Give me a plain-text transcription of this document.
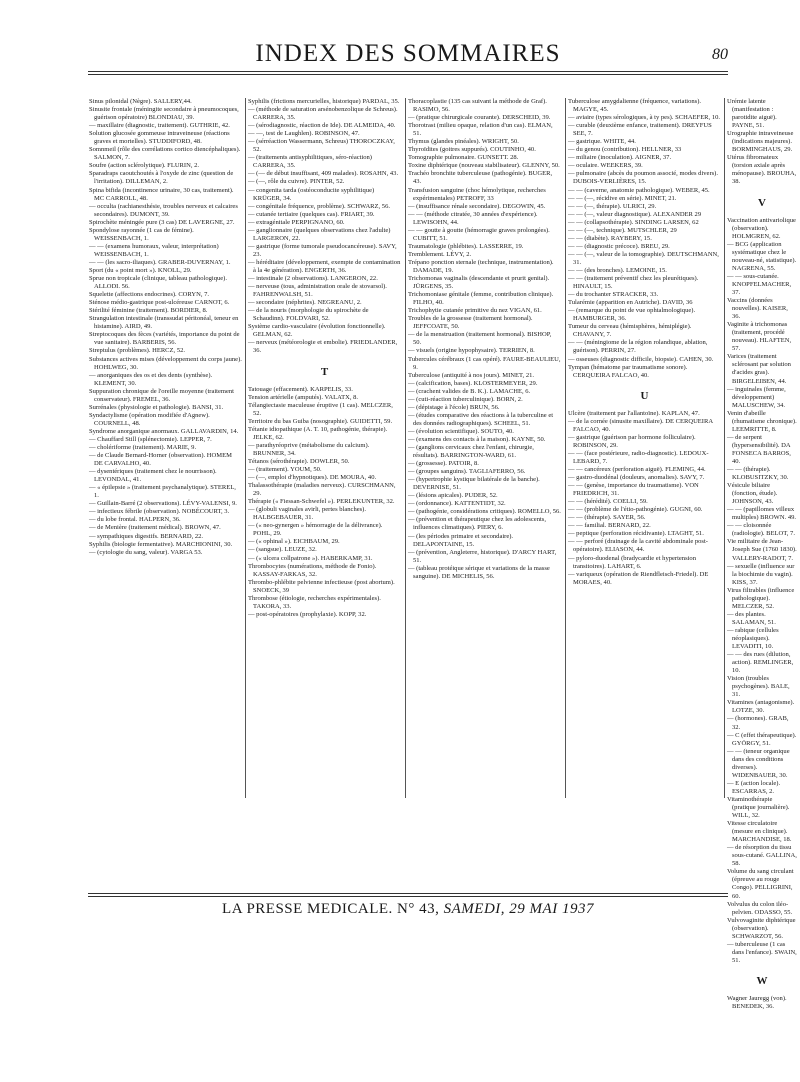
INDEX DES SOMMAIRES	80

Sinus pilonidal (Nègre). SALLERY,44.

Sinusite frontale (méningite secondaire à pneumocoques, guérison opératoire) BLONDIAU, 39.

— maxillaire (diagnostic, traitement). GUTHRIE, 42.

Solution glucosée gommeuse intraveineuse (réactions graves et mortelles). STUDDIFORD, 48.

Somnmeil (rôle des corrélations cortico diencéphaliques). SALMON, 7.

Soufre (action sclérolytique). FLURIN, 2.

Sparadraps caoutchoutés à l'oxyde de zinc (question de l'irritation). DILLEMAN, 2.

Spina bifida (incontinence urinaire, 30 cas, traitement). MC CARROLL, 48.

— occulta (rachianesthésie, troubles nerveux et calcaires secondaires). DUMONT, 39.

Spirochète méningée pure (3 cas) DE LAVERGNE, 27.

Spondylose rayonnée (1 cas de fémine). WEISSENBACH, 1.

— — (examens humoraux, valeur, interprétation) WEISSENBACH, 1.

— — (les sacro-iliaques). GRABER-DUVERNAY, 1.

Sport (du « point mort »). KNOLL, 29.

Sprue non tropicale (clinique, tableau pathologique). ALLODI. 56.

Squelette (affections endocrines). CORYN, 7.

Sténose médio-gastrique post-ulcéreuse CARNOT, 6.

Stérilité féminine (traitement). BORDIER, 8.

Strangulation intestinale (transsudat péritonéal, teneur en histamine). AIRD, 49.

Streptocoques des fèces (variétés, importance du point de vue sanitaire). BARBERIS, 56.

Streptulus (problèmes). HERCZ, 52.

Substances actives mises (développement du corps jaune). HOHLWEG, 30.

— anorganiques des os et des dents (synthèse). KLEMENT, 30.

Suppuration chronique de l'oreille moyenne (traitement conservateur). FREMEL, 36.

Surrénales (physiologie et pathologie). BANSI, 31.

Syndactylisme (opération modifiée d'Agnew). COURNELL, 48.

Syndrome anorganique anormaux. GALLAVARDIN, 14.

— Chauffard Still (splénectomie). LEPPER, 7.

— cholériforme (traitement). MARIE, 9.

— de Claude Bernard-Horner (observation). HOMEM DE CARVALHO, 40.

— dysentériques (traitement chez le nourrisson). LEVONDAL, 41.

— « épilepsie » (traitement psychanalytique). STEREL, 1.

— Guillain-Barré (2 observations). LÉVY-VALENSI, 9.

— infectieux fébrile (observation). NOBÉCOURT, 3.

— du lobe frontal. HALPERN, 36.

— de Menière (traitement médical). BROWN, 47.

— sympathiques digestifs. BERNARD, 22.

Syphilis (biologie fermentative). MARCHIONINI, 30.

— (cytologie du sang, valeur). VARGA 53.

Syphilis (frictions mercurielles, historique) PARDAL, 35.

— (méthode de saturation arsénobenzolique de Schreus). CARRERA, 35.

— (sérodiagnostic, réaction de Ide). DE ALMEIDA, 40.

— —, test de Laughlen). ROBINSON, 47.

— (sérréaction Wassermann, Schreus) THOROCZKAY, 52.

— (traitements antisyphilitiques, séro-réaction) CARRERA, 35.

— (— de début insuffisant, 409 malades). ROSAHN, 43.

— (—, rôle du cuivre). PINTER, 52.

— congenita tarda (ostéoconducite syphilitique) KRÜGER, 34.

— congénitale fréquence, problème). SCHWARZ, 56.

— cutanée tertiaire (quelques cas). FRIART, 39.

— extragénitale PERPIGNANO, 60.

— ganglionnaire (quelques observations chez l'adulte) LARGERON, 22.

— gastrique (forme tumorale pseudocancéreuse). SAVY, 23.

— héréditaire (développement, exempte de contamination à la 4e génération). ENGERTH, 36.

— intestinale (2 observations). LANGERON, 22.

— nerveuse (tous, administration orale de stovarsol). FAHRENWALSH, 51.

— secondaire (néphrites). NEGREANU, 2.

— de la nouris (morphologie du spirochète de Schaudinn). FOLDVARI, 52.

Système cardio-vasculaire (évolution fonctionnelle). GELMAN, 62.

— nerveux (météorologie et embolie). FRIEDLANDER, 36.

T

Tatouage (effacement). KARPELIS, 33.

Tension artérielle (amputés). VALATX, 8.

Télangiectasie maculeuse éruptive (1 cas). MELCZER, 52.

Territoire du bas Guiba (nosographie). GUIDETTI, 59.

Tétanie idiopathique (A. T. 10, pathogénie, thérapie). JELKE, 62.

— parathyréoprive (métabolisme du calcium). BRUNNER, 34.

Tétanos (sérothérapie). DOWLER, 50.

— (traitement). YOUM, 50.

— (—, emploi d'hypnotiques). DE MOURA, 40.

Thalassothérapie (maladies nerveux). CURSCHMANN, 29.

Thérapie (« Fiessan-Schwefel »). PERLEKUNTER, 32.

— (globuli vaginales avirli, pertes blanches). HALBGEBAUER, 31.

— (« neo-gynergen » hémorragie de la délivrance). POHL, 29.

— (« ophinal »). EICHBAUM, 29.

— (sangsue). LEUZE, 32.

— (« ulcera collpatrone »). HABERKAMP, 31.

Thrombocytes (numérations, méthode de Fonio). KASSAY-FARKAS, 32.

Thrombo-phlébite pelvienne infectieuse (post abortum). SNOECK, 39

Thrombose (étiologie, recherches expérimentales). TAKORA, 33.

— post-opératoires (prophylaxie). KOPP, 32.

Thoracoplastie (135 cas suivant la méthode de Graf). RASIMO, 56.

— (pratique chirurgicale courante). DERSCHEID, 39.

Thorotrast (milieu opaque, relation d'un cas). ELMAN, 51.

Thymus (glandes pinéales). WRIGHT, 50.

Thyroïdites (goitres suppurés). COUTINHO, 40.

Tomographie pulmonaire. GUNSETT. 28.

Toxine diphtérique (nouveau stabilisateur). GLENNY, 50.

Trachéo bronchite tuberculeuse (pathogénie). BUGER, 43.

Transfusion sanguine (choc hémolytique, recherches expérimentales) PETROFF, 33

— (insuffisance rénale secondaire). DEGOWIN, 45.

— — (méthode citratée, 30 années d'expérience). LEWISOHN, 44.

— — goutte à goutte (hémorragie graves prolongées). CUBITT, 51.

Traumatologie (phlébites). LASSERRE, 19.

Tremblement. LÉVY, 2.

Trépano ponction sternale (technique, instrumentation). DAMADE, 19.

Trichomonas vaginalis (descendante et prurit genital). JÜRGENS, 35.

Trichomoniase génitale (femme, contribution clinique). FILHO, 40.

Trichophytie cutanée primitive du nez VIGAN, 61.

Troubles de la grossesse (traitement hormonal). JEFFCOATE, 50.

— de la menstruation (traitement hormonal). BISHOP, 50.

— visuels (origine hypophysaire). TERRIEN, 8.

Tubercules cérébraux (1 cas opéré). FAURE-BEAULIEU, 9.

Tuberculose (antiquité à nos jours). MINET, 21.

— (calcification, bases). KLOSTERMEYER, 29.

— (crachent valides de B. K.). LAMACHE, 6.

— (cuti-réaction tuberculinique). BORN, 2.

— (dépistage à l'école) BRUN, 56.

— (études comparative des réactions à la tuberculine et des données radiographiques). SCHEEL, 51.

— (évolution scientifique). SOUTO, 40.

— (examens des contacts à la maison). KAYNE, 50.

— (ganglions cervicaux chez l'enfant, chirurgie, résultats). BARRINGTON-WARD, 61.

— (grossesse). PATOIR, 8.

— (groupes sanguins). TAGLIAFERRO, 56.

— (hypertrophie kystique bilatérale de la banche). DEVERNISE, 51.

— (lésions apicales). PUDER, 52.

— (ordonnance). KATTENTIDT, 32.

— (pathogénie, considérations critiques). ROMELLO, 56.

— (prévention et thérapeutique chez les adolescents, influences climatiques). PIERY, 6.

— (les périodes primaire et secondaire). DELAPONTAINE, 15.

— (prévention, Angleterre, historique). D'ARCY HART, 51.

— (tableau protéique sérique et variations de la masse sanguine). DE MICHELIS, 56.

Tuberculose amygdalienne (fréquence, variations). MAGYE, 45.

— aviaire (types sérologiques, à ty pes). SCHAEFER, 10.

— curable (deuxième enfance, traitement). DREYFUS SEE, 7.

— gastrique. WHITE, 44.

— du genou (contribution). HELLNER, 33

— miliaire (inoculation). AIGNER, 37.

— oculaire. WEEKERS, 39.

— pulmonaire (abcès du poumon associé, modes divers). DUBOIS-VERLIÈRES, 15.

— — (caverne, anatomie pathologique). WEBER, 45.

— — (—, récidive en série). MINET, 21.

— — (—, thérapie). ULRICI, 29.

— — (—, valeur diagnostique). ALEXANDER 29

— — (collapsothérapie). SINDING LARSEN, 62

— — (—, technique). MUTSCHLER, 29

— — (diabète). RAYBERY, 15.

— — (diagnostic précoce). BREU, 29.

— — (—, valeur de la tomographie). DEUTSCHMANN, 31.

— — (des bronches). LEMOINE, 15.

— — (traitement préventif chez les pleurétiques). HINAULT, 15.

— du trochanter STRACKER, 33.

Tularémie (apparition en Autriche). DAVID, 36

— (remarque du point de vue ophtalmologique). HAMBURGER, 36.

Tumeur du cerveau (hémisphères, hémiplégie). CHAVANY, 7.

— — (méningiome de la région rolandique, ablation, guérison). PERRIN, 27.

— osseuses (diagnostic difficile, biopsie). CAHEN, 30.

Tympan (hématome par traumatisme sonore). CERQUEIRA FALCAO, 40.

U

Ulcère (traitement par l'allantoïne). KAPLAN, 47.

— de la cornée (sinusite maxillaire). DE CERQUEIRA FALCAO, 40.

— gastrique (guérison par hormone folliculaire). ROBINSON, 29.

— — (face postérieure, radio-diagnostic). LEDOUX-LEBARD, 7.

— — cancéreux (perforation aiguë). FLEMING, 44.

— gastro-duodénal (douleurs, anomalies). SAVY, 7.

— — (genèse, importance du traumatisme). VON FRIEDRICH, 31.

— — (hérédité). COELLI, 59.

— — (problème de l'étio-pathogénie). GUGNI, 60.

— — (thérapie). SAYER, 56.

— — familial. BERNARD, 22.

— peptique (perforation récidivante). LTAGHT, 51.

— — perforé (drainage de la cavité abdominale post-opératoire). ELIASON, 44.

— pyloro-duodenal (bradycardie et hypertension transitoires). LAHART, 6.

— variqueux (opération de Riendfleisch-Friedel). DE MORAES, 40.

Urémie latente (manifestation : parotidite aiguë). PAYNE, 51.

Urographie intraveineuse (indications majeures). BORMINGHAUS, 29.

Utérus fibromateux (torsion axiale après ménopause). BROUHA, 38.

V

Vaccination antivariolique (observation). HOLMGREN, 62.

— BCG (application systématique chez le nouveau-né, statistique). NAGRENA, 55.

— — sous-cutanée. KNOPFELMACHER, 37.

Vaccins (données nouvelles). KAISER, 36.

Vaginite à trichomonas (traitement, procédé nouveau). HLAFTEN, 57.

Varices (traitement sclérosant par solution d'acides gras). BIRGELEIBEN, 44.

— inguinales (femme, développement) MALUSCHEW, 34.

Venin d'abeille (rhumatisme chronique). LEEMRITTE, 8.

— de serpent (hypersensibilité). DA FONSECA BARROS, 40.

— — (thérapie). KLOBUSITZKY, 30.

Vésicule biliaire (fonction, étude). JOHNSON, 43.

— — (papillomes villeux multiples) BROWN. 49.

— — cloisonnée (radiologie). BELOT, 7.

Vie militaire de Jean-Joseph Sue (1760 1830). VALLERY-RADOT, 7.

— sexuelle (influence sur la biochimie du vagin). KISS, 37.

Virus filtrables (influence pathologique). MELCZER, 52.

— des plantes. SALAMAN, 51.

— rabique (cellules néoplasiques). LEVADITI, 10.

— — des rues (dilution, action). REMLINGER, 10.

Vision (troubles psychogènes). BALE, 31.

Vitamines (antagonisme). LOTZE, 30.

— (hormones). GRAB, 32.

— C (effet thérapeutique). GYÖRGY, 51.

— — (teneur organique dans des conditions diverses). WIDENBAUER, 30.

— E (action locale). ESCARRAS, 2.

Vitaminothérapie (pratique journalière). WILL, 32.

Vitesse circulatoire (mesure en clinique). MARCHANDISE, 18.

— de résorption du tissu sous-cutané. GALLINA, 58.

Volume du sang circulant (épreuve au rouge Congo). PELLIGRINI, 60.

Volvulus du colon iléo-pelvien. ODASSO, 55.

Vulvovaginite diphtérique (observation). SCHWARZOT, 56.

— tuberculeuse (1 cas dans l'enfance). SWAIN, 51.

W

Wagner Jauregg (von). BENEDEK, 36.

LA PRESSE MEDICALE. N° 43, SAMEDI, 29 MAI 1937
